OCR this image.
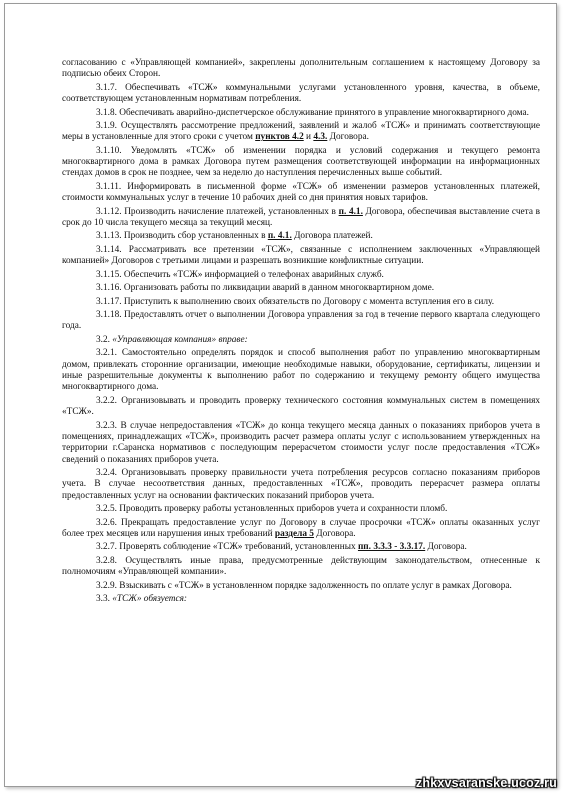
согласованию с «Управляющей компанией», закреплены дополнительным соглашением к настоящему Договору за подписью обеих Сторон.

3.1.7. Обеспечивать «ТСЖ» коммунальными услугами установленного уровня, качества, в объеме, соответствующем установленным нормативам потребления.

3.1.8. Обеспечивать аварийно-диспетчерское обслуживание принятого в управление многоквартирного дома.

3.1.9. Осуществлять рассмотрение предложений, заявлений и жалоб «ТСЖ» и принимать соответствующие меры в установленные для этого сроки с учетом пунктов 4.2 и 4.3. Договора.

3.1.10. Уведомлять «ТСЖ» об изменении порядка и условий содержания и текущего ремонта многоквартирного дома в рамках Договора путем размещения соответствующей информации на информационных стендах домов в срок не позднее, чем за неделю до наступления перечисленных выше событий.

3.1.11. Информировать в письменной форме «ТСЖ» об изменении размеров установленных платежей, стоимости коммунальных услуг в течение 10 рабочих дней со дня принятия новых тарифов.

3.1.12. Производить начисление платежей, установленных в п. 4.1. Договора, обеспечивая выставление счета в срок до 10 числа текущего месяца за текущий месяц.

3.1.13. Производить сбор установленных в п. 4.1. Договора платежей.

3.1.14. Рассматривать все претензии «ТСЖ», связанные с исполнением заключенных «Управляющей компанией» Договоров с третьими лицами и разрешать возникшие конфликтные ситуации.

3.1.15. Обеспечить «ТСЖ» информацией о телефонах аварийных служб.

3.1.16. Организовать работы по ликвидации аварий в данном многоквартирном доме.

3.1.17. Приступить к выполнению своих обязательств по Договору с момента вступления его в силу.

3.1.18. Предоставлять отчет о выполнении Договора управления за год в течение первого квартала следующего года.

3.2. «Управляющая компания» вправе:

3.2.1. Самостоятельно определять порядок и способ выполнения работ по управлению многоквартирным домом, привлекать сторонние организации, имеющие необходимые навыки, оборудование, сертификаты, лицензии и иные разрешительные документы к выполнению работ по содержанию и текущему ремонту общего имущества многоквартирного дома.

3.2.2. Организовывать и проводить проверку технического состояния коммунальных систем в помещениях «ТСЖ».

3.2.3. В случае непредоставления «ТСЖ» до конца текущего месяца данных о показаниях приборов учета в помещениях, принадлежащих «ТСЖ», производить расчет размера оплаты услуг с использованием утвержденных на территории г.Саранска нормативов с последующим перерасчетом стоимости услуг после предоставления «ТСЖ» сведений о показаниях приборов учета.

3.2.4. Организовывать проверку правильности учета потребления ресурсов согласно показаниям приборов учета. В случае несоответствия данных, предоставленных «ТСЖ», проводить перерасчет размера оплаты предоставленных услуг на основании фактических показаний приборов учета.

3.2.5. Проводить проверку работы установленных приборов учета и сохранности пломб.

3.2.6. Прекращать предоставление услуг по Договору в случае просрочки «ТСЖ» оплаты оказанных услуг более трех месяцев или нарушения иных требований раздела 5 Договора.

3.2.7. Проверять соблюдение «ТСЖ» требований, установленных пп. 3.3.3 - 3.3.17. Договора.

3.2.8. Осуществлять иные права, предусмотренные действующим законодательством, отнесенные к полномочиям «Управляющей компании».

3.2.9. Взыскивать с «ТСЖ» в установленном порядке задолженность по оплате услуг в рамках Договора.

3.3. «ТСЖ» обязуется:

zhkxvsaranske.ucoz.ru
